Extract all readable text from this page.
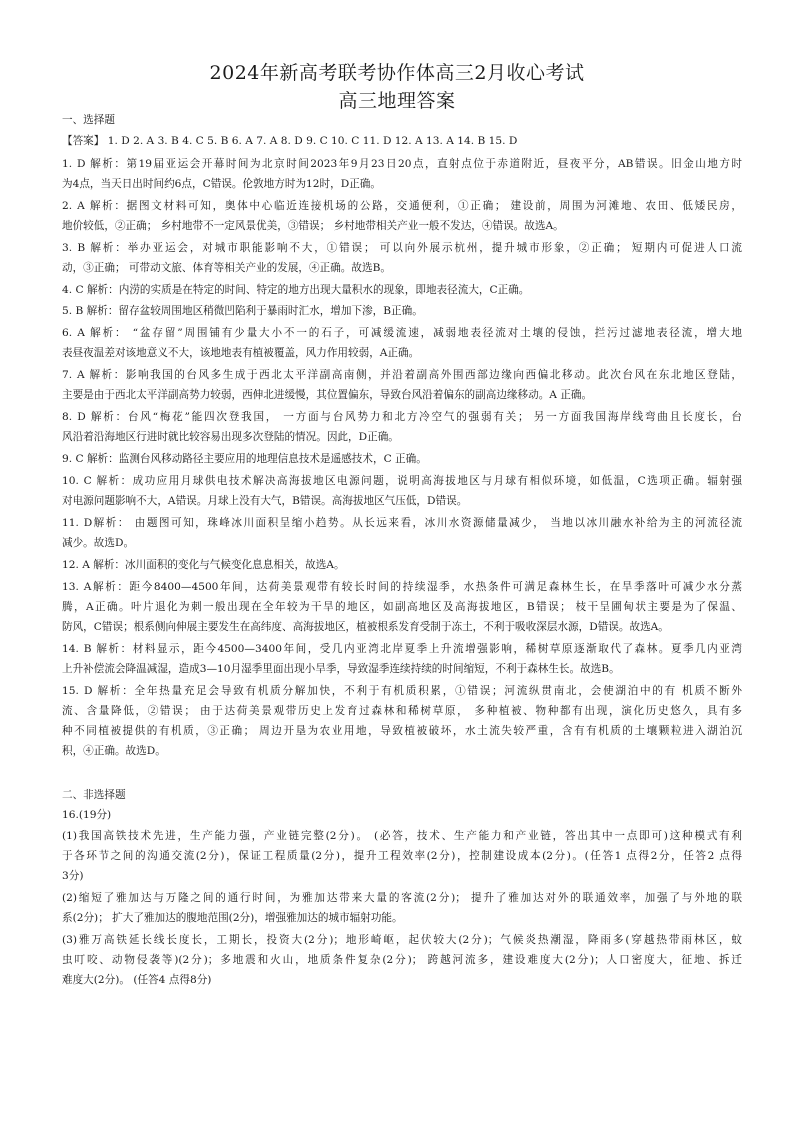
2024年新高考联考协作体高三2月收心考试
高三地理答案
一、选择题
【答案】 1. D 2. A 3. B 4. C 5. B 6. A 7. A 8. D 9. C 10. C 11. D 12. A 13. A 14. B 15. D
1. D 解析：第19届亚运会开幕时间为北京时间2023年9月23日20点，直射点位于赤道附近，昼夜平分，AB错误。旧金山地方时
为4点，当天日出时间约6点，C错误。伦敦地方时为12时，D正确。
2. A 解析：据图文材料可知，奥体中心临近连接机场的公路，交通便利，①正确； 建设前，周围为河滩地、农田、低矮民房，
地价较低，②正确； 乡村地带不一定风景优美，③错误； 乡村地带相关产业一般不发达，④错误。故选A。
3. B 解析：举办亚运会，对城市职能影响不大，①错误； 可以向外展示杭州，提升城市形象，②正确； 短期内可促进人口流
动，③正确； 可带动文旅、体育等相关产业的发展，④正确。故选B。
4. C 解析：内涝的实质是在特定的时间、特定的地方出现大量积水的现象，即地表径流大，C正确。
5. B 解析：留存盆较周围地区稍微凹陷利于暴雨时汇水，增加下渗，B正确。
6. A 解析： “盆存留”周围铺有少量大小不一的石子，可减缓流速，减弱地表径流对土壤的侵蚀，拦污过滤地表径流，增大地
表昼夜温差对该地意义不大，该地地表有植被覆盖，风力作用较弱，A正确。
7. A 解析：影响我国的台风多生成于西北太平洋副高南侧，并沿着副高外围西部边缘向西偏北移动。此次台风在东北地区登陆，
主要是由于西北太平洋副高势力较弱，西伸北进缓慢，其位置偏东，导致台风沿着偏东的副高边缘移动。A 正确。
8. D 解析：台风“梅花”能四次登我国， 一方面与台风势力和北方冷空气的强弱有关； 另一方面我国海岸线弯曲且长度长，台
风沿着沿海地区行进时就比较容易出现多次登陆的情况。因此，D正确。
9. C 解析：监测台风移动路径主要应用的地理信息技术是遥感技术，C 正确。
10. C 解析：成功应用月球供电技术解决高海拔地区电源问题，说明高海拔地区与月球有相似环境，如低温，C选项正确。辐射强
对电源问题影响不大，A错误。月球上没有大气，B错误。高海拔地区气压低，D错误。
11. D解析： 由题图可知，珠峰冰川面积呈缩小趋势。从长远来看，冰川水资源储量减少， 当地以冰川融水补给为主的河流径流
减少。故选D。
12. A 解析：冰川面积的变化与气候变化息息相关，故选A。
13. A解析：距今8400—4500年间，达荷美景观带有较长时间的持续湿季，水热条件可满足森林生长，在旱季落叶可减少水分蒸
腾，A正确。叶片退化为刺一般出现在全年较为干旱的地区，如副高地区及高海拔地区，B错误； 枝干呈圃甸状主要是为了保温、
防风，C错误；根系侧向伸展主要发生在高纬度、高海拔地区，植被根系发育受制于冻土，不利于吸收深层水源，D错误。故选A。
14. B 解析：材料显示，距今4500—3400年间，受几内亚湾北岸夏季上升流增强影响，稀树草原逐渐取代了森林。夏季几内亚湾
上升补偿流会降温减湿，造成3—10月湿季里面出现小旱季，导致湿季连续持续的时间缩短，不利于森林生长。故选B。
15. D 解析：全年热量充足会导致有机质分解加快，不利于有机质积累，①错误；河流纵贯南北，会使湖泊中的有 机质不断外
流、含量降低，②错误； 由于达荷美景观带历史上发育过森林和稀树草原， 多种植被、物种都有出现，演化历史悠久，具有多
种不同植被提供的有机质，③正确； 周边开垦为农业用地，导致植被破坏，水土流失较严重，含有有机质的土壤颗粒进入湖泊沉
积，④正确。故选D。
二、非选择题
16.(19分)
(1)我国高铁技术先进，生产能力强，产业链完整(2分)。 (必答，技术、生产能力和产业链，答出其中一点即可)这种模式有利
于各环节之间的沟通交流(2分)，保证工程质量(2分)，提升工程效率(2分)，控制建设成本(2分)。(任答1 点得2分，任答2 点得
3分)
(2)缩短了雅加达与万隆之间的通行时间，为雅加达带来大量的客流(2分)； 提升了雅加达对外的联通效率，加强了与外地的联
系(2分)； 扩大了雅加达的腹地范围(2分)，增强雅加达的城市辐射功能。
(3)雅万高铁延长线长度长，工期长，投资大(2分)；地形崎岖，起伏较大(2分)；气候炎热潮湿，降雨多(穿越热带雨林区，蚊
虫叮咬、动物侵袭等)(2分)；多地震和火山，地质条件复杂(2分)； 跨越河流多，建设难度大(2分)；人口密度大，征地、拆迁
难度大(2分)。 (任答4 点得8分)
